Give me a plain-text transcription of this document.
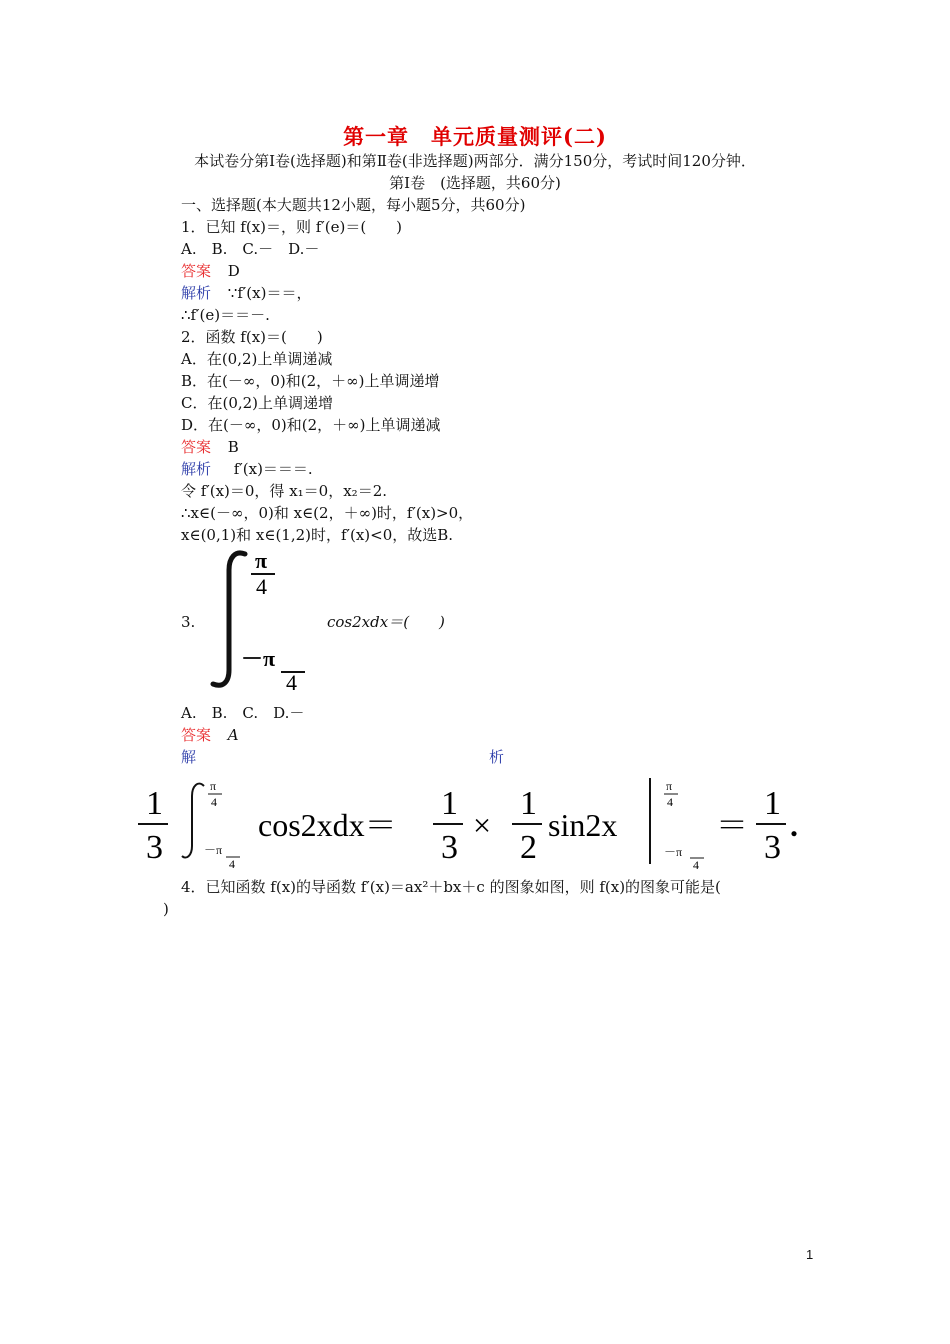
第一章　单元质量测评(二)
本试卷分第Ⅰ卷(选择题)和第Ⅱ卷(非选择题)两部分．满分150分，考试时间120分钟．
第Ⅰ卷　(选择题，共60分)
一、选择题(本大题共12小题，每小题5分，共60分)
1．已知 f(x)＝，则 f′(e)＝(　　)
A.　B.　C.－　D.－
答案 D
解析 ∵f′(x)＝＝，
∴f′(e)＝＝－.
2．函数 f(x)＝(　　)
A．在(0,2)上单调递减
B．在(－∞，0)和(2，＋∞)上单调递增
C．在(0,2)上单调递增
D．在(－∞，0)和(2，＋∞)上单调递减
答案 B
解析 f′(x)＝＝＝.
令 f′(x)＝0，得 x₁＝0，x₂＝2.
∴x∈(－∞，0)和 x∈(2，＋∞)时，f′(x)>0，
x∈(0,1)和 x∈(1,2)时，f′(x)<0，故选B.
3.
π
4
－π
4
cos2xdx＝(　　)
A.　B.　C.　D.－
答案 A
解	析
1
3
π
4
－π
4
cos2xdx＝
1
3
×
1
2
sin2x
π
4
－π
4
＝
1
3
.
4．已知函数 f(x)的导函数 f′(x)＝ax²＋bx＋c 的图象如图，则 f(x)的图象可能是(
)
1
